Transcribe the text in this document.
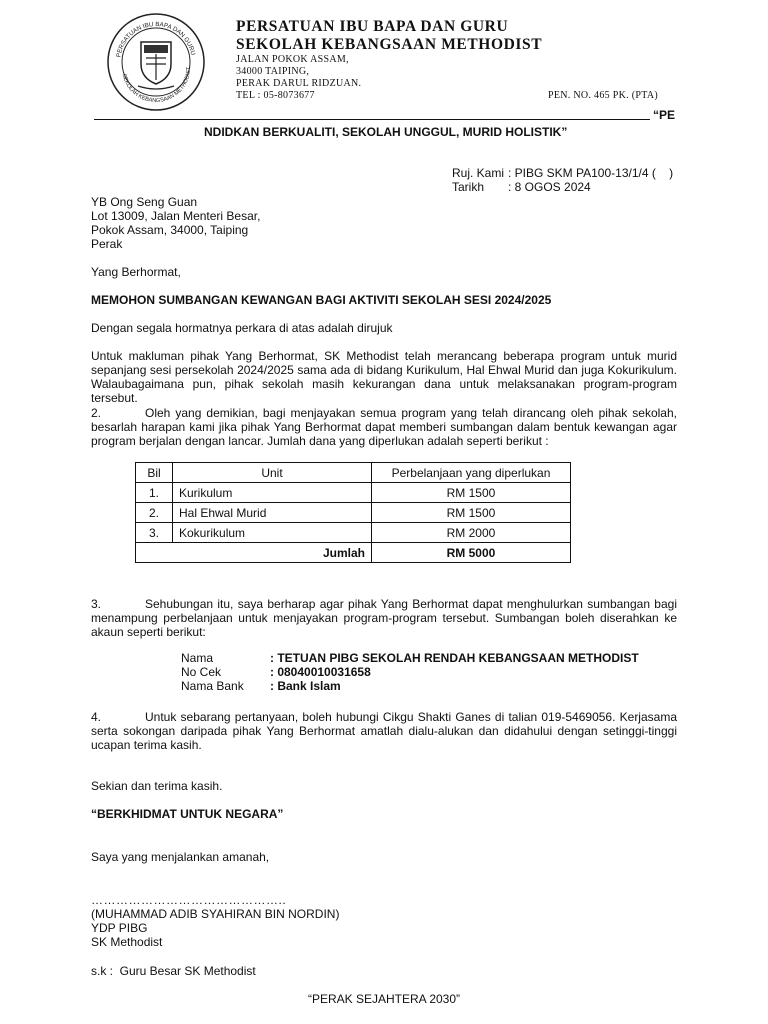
PERSATUAN IBU BAPA DAN GURU
SEKOLAH KEBANGSAAN METHODIST
PERSATUAN IBU BAPA DAN GURU
SEKOLAH KEBANGSAAN METHODIST
JALAN POKOK ASSAM,
34000 TAIPING,
PERAK DARUL RIDZUAN.
TEL : 05-8073677	PEN. NO. 465 PK. (PTA)
“PE
NDIDKAN BERKUALITI, SEKOLAH UNGGUL, MURID HOLISTIK”
Ruj. Kami	: PIBG SKM PA100-13/1/4 (    )
Tarikh	: 8 OGOS 2024
YB Ong Seng Guan
Lot 13009, Jalan Menteri Besar,
Pokok Assam, 34000, Taiping
Perak
Yang Berhormat,
MEMOHON SUMBANGAN KEWANGAN BAGI AKTIVITI SEKOLAH SESI 2024/2025
Dengan segala hormatnya perkara di atas adalah dirujuk
Untuk makluman pihak Yang Berhormat, SK Methodist telah merancang beberapa program untuk murid sepanjang sesi persekolah 2024/2025 sama ada di bidang Kurikulum, Hal Ehwal Murid dan juga Kokurikulum. Walaubagaimana pun, pihak sekolah masih kekurangan dana untuk melaksanakan program-program tersebut.
2.	Oleh yang demikian, bagi menjayakan semua program yang telah dirancang oleh pihak sekolah, besarlah harapan kami jika pihak Yang Berhormat dapat memberi sumbangan dalam bentuk kewangan agar program berjalan dengan lancar. Jumlah dana yang diperlukan adalah seperti berikut :
Bil	Unit	Perbelanjaan yang diperlukan
1.	Kurikulum	RM 1500
2.	Hal Ehwal Murid	RM 1500
3.	Kokurikulum	RM 2000
Jumlah		RM 5000
3.	Sehubungan itu, saya berharap agar pihak Yang Berhormat dapat menghulurkan sumbangan bagi menampung perbelanjaan untuk menjayakan program-program tersebut. Sumbangan boleh diserahkan ke akaun seperti berikut:
Nama	: TETUAN PIBG SEKOLAH RENDAH KEBANGSAAN METHODIST
No Cek	: 08040010031658
Nama Bank	: Bank Islam
4.	Untuk sebarang pertanyaan, boleh hubungi Cikgu Shakti Ganes di talian 019-5469056. Kerjasama serta sokongan daripada pihak Yang Berhormat amatlah dialu-alukan dan didahului dengan setinggi-tinggi ucapan terima kasih.
Sekian dan terima kasih.
“BERKHIDMAT UNTUK NEGARA”
Saya yang menjalankan amanah,
………………………………………..
(MUHAMMAD ADIB SYAHIRAN BIN NORDIN)
YDP PIBG
SK Methodist
s.k :  Guru Besar SK Methodist
“PERAK SEJAHTERA 2030”
